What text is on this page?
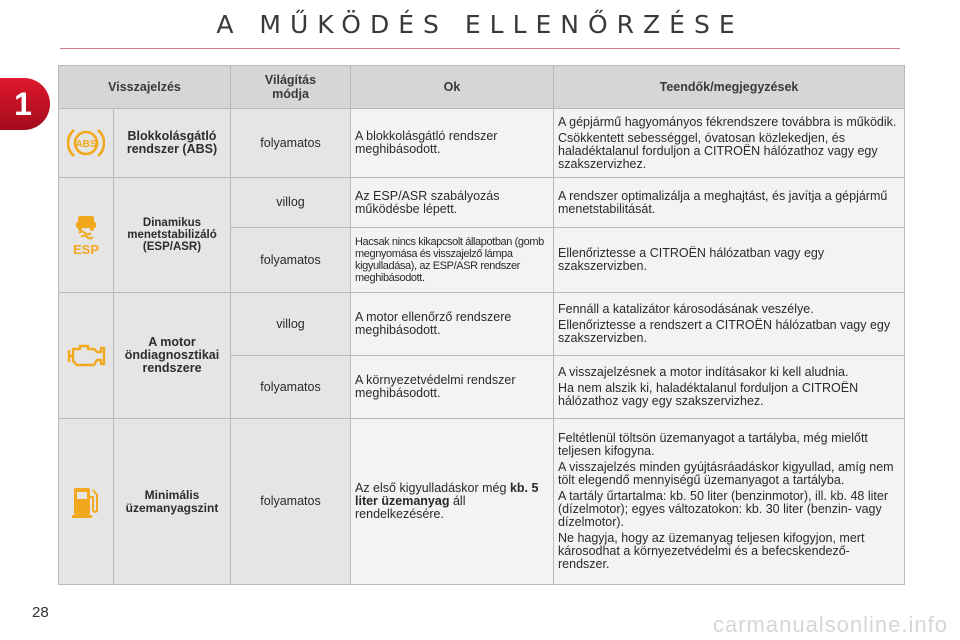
A MŰKÖDÉS ELLENŐRZÉSE
1	Visszajelzés		Világítás módja	Ok	Teendők/megjegyzések

ABS	Blokkolásgátló rendszer (ABS)	folyamatos	A blokkolásgátló rendszer meghibásodott.	A gépjármű hagyományos fékrendszere továbbra is működik.

Csökkentett sebességgel, óvatosan közlekedjen, és haladéktalanul forduljon a CITROËN hálózathoz vagy egy szakszervizhez.

ESP	Dinamikus menetstabilizáló (ESP/ASR)	villog	Az ESP/ASR szabályozás működésbe lépett.	A rendszer optimalizálja a meghajtást, és javítja a gépjármű menetstabilitását.
		folyamatos	Hacsak nincs kikapcsolt állapotban (gomb megnyomása és visszajelző lámpa kigyulladása), az ESP/ASR rendszer meghibásodott.	Ellenőriztesse a CITROËN hálózatban vagy egy szakszervizben.

	A motor öndiagnosztikai rendszere	villog	A motor ellenőrző rendszere meghibásodott.	Fennáll a katalizátor károsodásának veszélye.

Ellenőriztesse a rendszert a CITROËN hálózatban vagy egy szakszervizben.

		folyamatos	A környezetvédelmi rendszer meghibásodott.	A visszajelzésnek a motor indításakor ki kell aludnia.

Ha nem alszik ki, haladéktalanul forduljon a CITROËN hálózathoz vagy egy szakszervizhez.

	Minimális üzemanyagszint	folyamatos	Az első kigyulladáskor még kb. 5 liter üzemanyag áll rendelkezésére.	Feltétlenül töltsön üzemanyagot a tartályba, még mielőtt teljesen kifogyna.

A visszajelzés minden gyújtásráadáskor kigyullad, amíg nem tölt elegendő mennyiségű üzemanyagot a tartályba.

A tartály űrtartalma: kb. 50 liter (benzinmotor), ill. kb. 48 liter (dízelmotor); egyes változatokon: kb. 30 liter (benzin- vagy dízelmotor).

Ne hagyja, hogy az üzemanyag teljesen kifogyjon, mert károsodhat a környezetvédelmi és a befecskendező-rendszer.

28	carmanualsonline.info
